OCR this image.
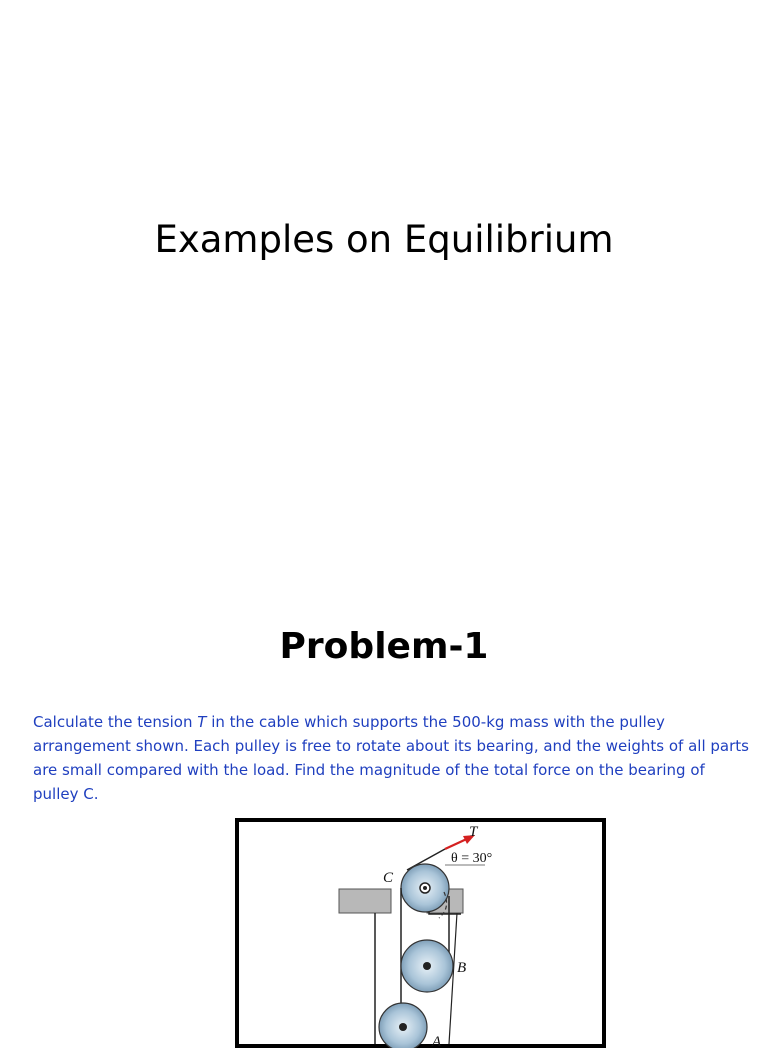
Examples on Equilibrium
Problem-1
Calculate the tension T in the cable which supports the 500-kg mass with the pulley arrangement shown. Each pulley is free to rotate about its bearing, and the weights of all parts are small compared with the load. Find the magnitude of the total force on the bearing of pulley C.
T
θ = 30°
C
B
A
